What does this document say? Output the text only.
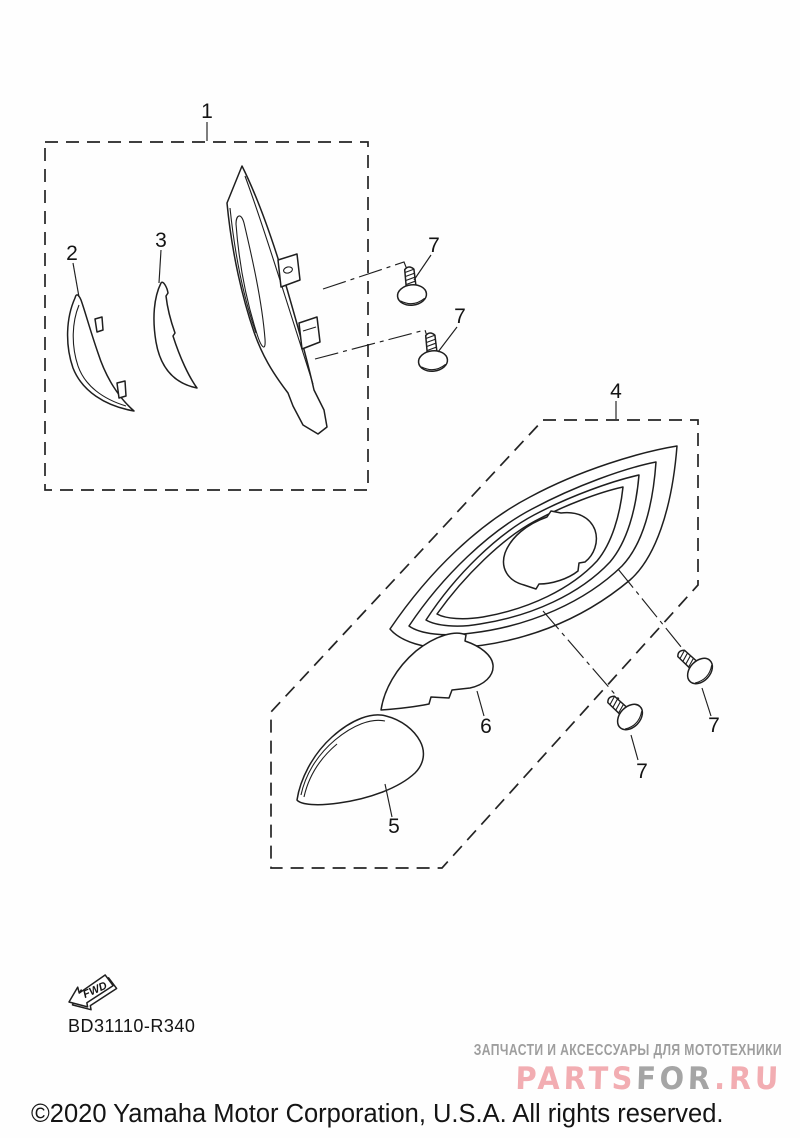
1
2
3
4
5
6
7
7
7
7
FWD
BD31110-R340
ЗАПЧАСТИ И АКСЕССУАРЫ ДЛЯ МОТОТЕХНИКИ
PARTSFOR.RU
©2020 Yamaha Motor Corporation, U.S.A. All rights reserved.
